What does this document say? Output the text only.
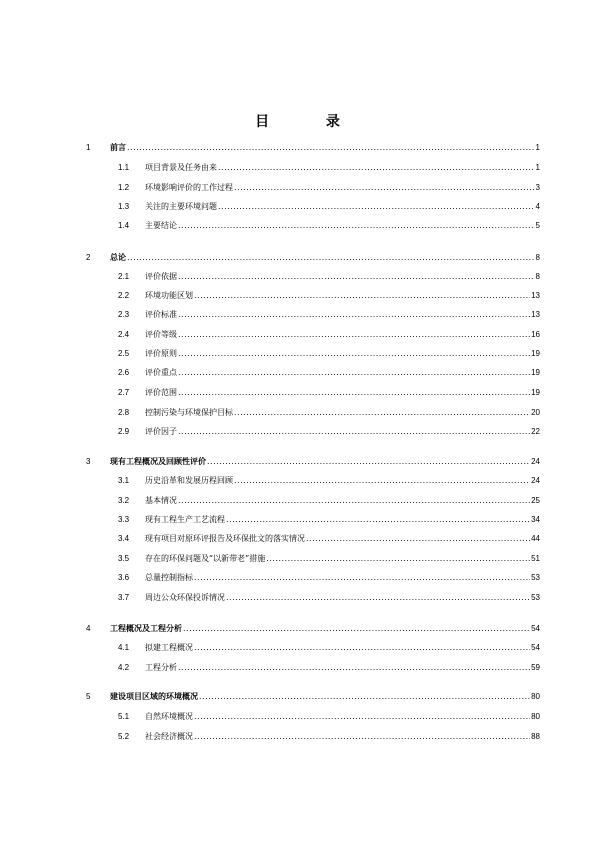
目 录
1 前言 .....	1
1.1 项目背景及任务由来 .....	1
1.2 环境影响评价的工作过程 .....	3
1.3 关注的主要环境问题 .....	4
1.4 主要结论 .....	5
2 总论 .....	8
2.1 评价依据 .....	8
2.2 环境功能区划 .....	13
2.3 评价标准 .....	13
2.4 评价等级 .....	16
2.5 评价原则 .....	19
2.6 评价重点 .....	19
2.7 评价范围 .....	19
2.8 控制污染与环境保护目标 .....	20
2.9 评价因子 .....	22
3 现有工程概况及回顾性评价 .....	24
3.1 历史沿革和发展历程回顾 .....	24
3.2 基本情况 .....	25
3.3 现有工程生产工艺流程 .....	34
3.4 现有项目对原环评报告及环保批文的落实情况 .....	44
3.5 存在的环保问题及“以新带老”措施 .....	51
3.6 总量控制指标 .....	53
3.7 周边公众环保投诉情况 .....	53
4 工程概况及工程分析 .....	54
4.1 拟建工程概况 .....	54
4.2 工程分析 .....	59
5 建设项目区域的环境概况 .....	80
5.1 自然环境概况 .....	80
5.2 社会经济概况 .....	88
